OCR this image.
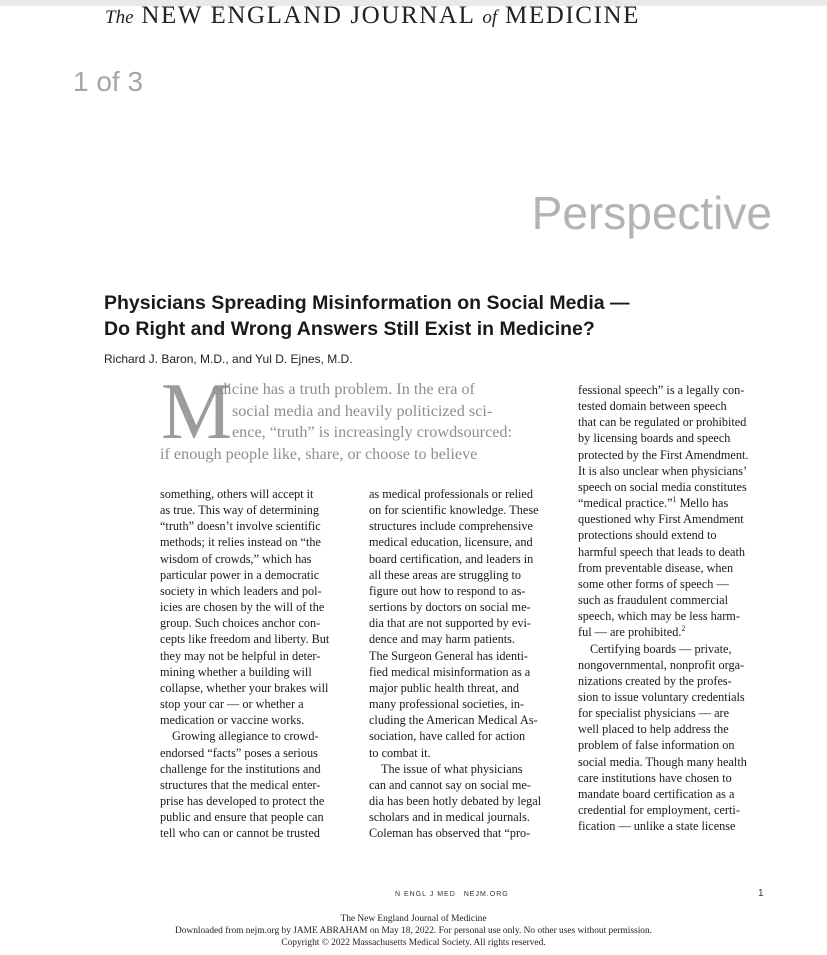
The NEW ENGLAND JOURNAL of MEDICINE
1 of 3
Perspective
Physicians Spreading Misinformation on Social Media —
Do Right and Wrong Answers Still Exist in Medicine?
Richard J. Baron, M.D., and Yul D. Ejnes, M.D.
M
edicine has a truth problem. In the era of
social media and heavily politicized sci-
ence, “truth” is increasingly crowdsourced:
if enough people like, share, or choose to believe
something, others will accept it
as true. This way of determining
“truth” doesn’t involve scientific
methods; it relies instead on “the
wisdom of crowds,” which has
particular power in a democratic
society in which leaders and pol-
icies are chosen by the will of the
group. Such choices anchor con-
cepts like freedom and liberty. But
they may not be helpful in deter-
mining whether a building will
collapse, whether your brakes will
stop your car — or whether a
medication or vaccine works.
Growing allegiance to crowd-
endorsed “facts” poses a serious
challenge for the institutions and
structures that the medical enter-
prise has developed to protect the
public and ensure that people can
tell who can or cannot be trusted
as medical professionals or relied
on for scientific knowledge. These
structures include comprehensive
medical education, licensure, and
board certification, and leaders in
all these areas are struggling to
figure out how to respond to as-
sertions by doctors on social me-
dia that are not supported by evi-
dence and may harm patients.
The Surgeon General has identi-
fied medical misinformation as a
major public health threat, and
many professional societies, in-
cluding the American Medical As-
sociation, have called for action
to combat it.
The issue of what physicians
can and cannot say on social me-
dia has been hotly debated by legal
scholars and in medical journals.
Coleman has observed that “pro-
fessional speech” is a legally con-
tested domain between speech
that can be regulated or prohibited
by licensing boards and speech
protected by the First Amendment.
It is also unclear when physicians’
speech on social media constitutes
“medical practice.”$^1$ Mello has
questioned why First Amendment
protections should extend to
harmful speech that leads to death
from preventable disease, when
some other forms of speech —
such as fraudulent commercial
speech, which may be less harm-
ful — are prohibited.$^2$
Certifying boards — private,
nongovernmental, nonprofit orga-
nizations created by the profes-
sion to issue voluntary credentials
for specialist physicians — are
well placed to help address the
problem of false information on
social media. Though many health
care institutions have chosen to
mandate board certification as a
credential for employment, certi-
fication — unlike a state license
N ENGL J MED NEJM.ORG	1
The New England Journal of Medicine
Downloaded from nejm.org by JAME ABRAHAM on May 18, 2022. For personal use only. No other uses without permission.
Copyright © 2022 Massachusetts Medical Society. All rights reserved.
